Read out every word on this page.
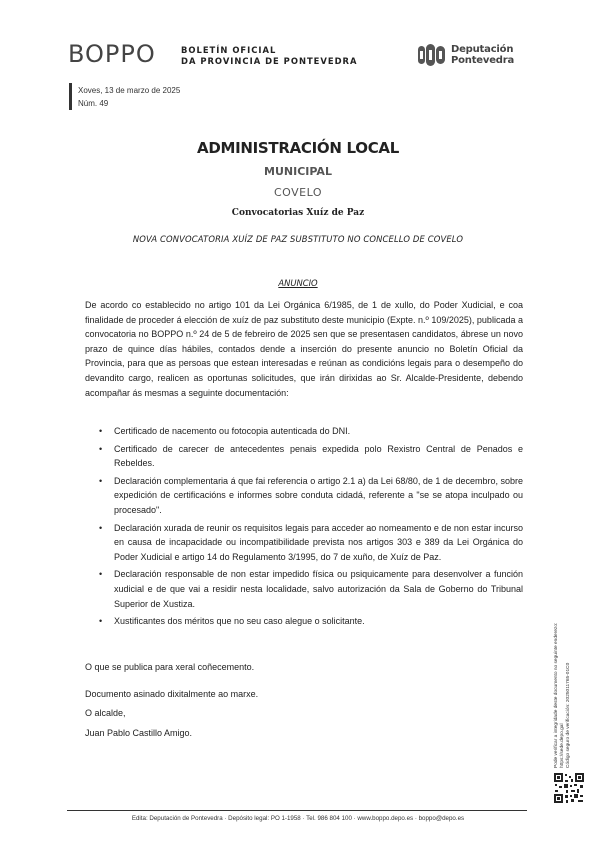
BOPPO	BOLETÍN OFICIAL
DA PROVINCIA DE PONTEVEDRA
Deputación
Pontevedra
Xoves, 13 de marzo de 2025
Núm. 49
ADMINISTRACIÓN LOCAL
MUNICIPAL
COVELO
Convocatorias Xuíz de Paz
NOVA CONVOCATORIA XUÍZ DE PAZ SUBSTITUTO NO CONCELLO DE COVELO
ANUNCIO
De acordo co establecido no artigo 101 da Lei Orgánica 6/1985, de 1 de xullo, do Poder Xudicial, e coa finalidade de proceder á elección de xuíz de paz substituto deste municipio (Expte. n.º 109/2025), publicada a convocatoria no BOPPO n.º 24 de 5 de febreiro de 2025 sen que se presentasen candidatos, ábrese un novo prazo de quince días hábiles, contados dende a inserción do presente anuncio no Boletín Oficial da Provincia, para que as persoas que estean interesadas e reúnan as condicións legais para o desempeño do devandito cargo, realicen as oportunas solicitudes, que irán dirixidas ao Sr. Alcalde-Presidente, debendo acompañar ás mesmas a seguinte documentación:
• Certificado de nacemento ou fotocopia autenticada do DNI.
• Certificado de carecer de antecedentes penais expedida polo Rexistro Central de Penados e Rebeldes.
• Declaración complementaria á que fai referencia o artigo 2.1 a) da Lei 68/80, de 1 de decembro, sobre expedición de certificacións e informes sobre conduta cidadá, referente a "se se atopa inculpado ou procesado".
• Declaración xurada de reunir os requisitos legais para acceder ao nomeamento e de non estar incurso en causa de incapacidade ou incompatibilidade prevista nos artigos 303 e 389 da Lei Orgánica do Poder Xudicial e artigo 14 do Regulamento 3/1995, do 7 de xuño, de Xuíz de Paz.
• Declaración responsable de non estar impedido física ou psiquicamente para desenvolver a función xudicial e de que vai a residir nesta localidade, salvo autorización da Sala de Goberno do Tribunal Superior de Xustiza.
• Xustificantes dos méritos que no seu caso alegue o solicitante.

O que se publica para xeral coñecemento.

Documento asinado dixitalmente ao marxe.

O alcalde,

Juan Pablo Castillo Amigo.	Pode verificar a integridade deste documento no seguinte enderezo: https://sede.depo.gal Código seguro de verificación: 2025011765-01C0
Edita: Deputación de Pontevedra · Depósito legal: PO 1-1958 · Tel. 986 804 100 · www.boppo.depo.es · boppo@depo.es
